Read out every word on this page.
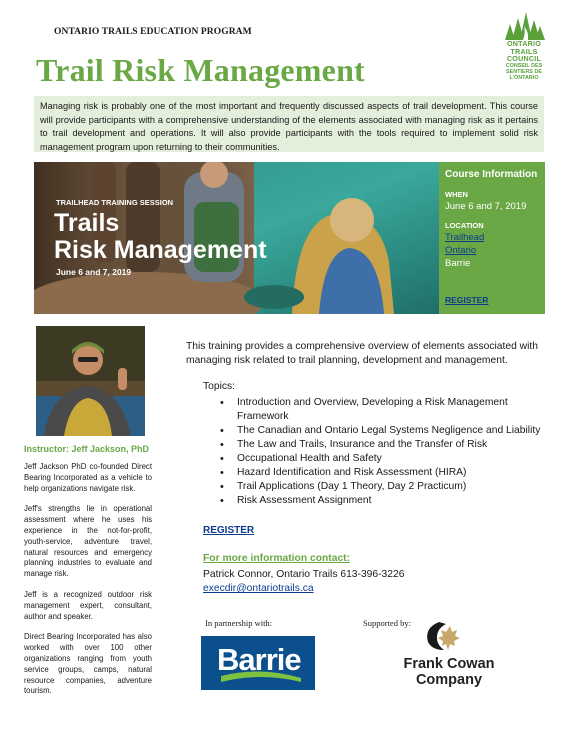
ONTARIO TRAILS EDUCATION PROGRAM
ONTARIO
TRAILS
COUNCIL
CONSEIL DES
SENTIERS DE
L'ONTARIO
Trail Risk Management
Managing risk is probably one of the most important and frequently discussed aspects of trail development. This course will provide participants with a comprehensive understanding of the elements associated with managing risk as it pertains to trail development and operations. It will also provide participants with the tools required to implement solid risk management program upon returning to their communities.
TRAILHEAD TRAINING SESSION
Trails
Risk Management
June 6 and 7, 2019
Course Information
WHEN
June 6 and 7, 2019
LOCATION
Trailhead
Ontario
Barrie
REGISTER
Instructor: Jeff Jackson, PhD

Jeff Jackson PhD co-founded Direct Bearing Incorporated as a vehicle to help organizations navigate risk.

Jeff's strengths lie in operational assessment where he uses his experience in the not-for-profit, youth-service, adventure travel, natural resources and emergency planning industries to evaluate and manage risk.

Jeff is a recognized outdoor risk management expert, consultant, author and speaker.

Direct Bearing Incorporated has also worked with over 100 other organizations ranging from youth service groups, camps, natural resource companies, adventure tourism.

This training provides a comprehensive overview of elements associated with managing risk related to trail planning, development and management.
Topics:
• Introduction and Overview, Developing a Risk Management Framework
• The Canadian and Ontario Legal Systems Negligence and Liability
• The Law and Trails, Insurance and the Transfer of Risk
• Occupational Health and Safety
• Hazard Identification and Risk Assessment (HIRA)
• Trail Applications (Day 1 Theory, Day 2 Practicum)
• Risk Assessment Assignment
REGISTER
For more information contact:
Patrick Connor, Ontario Trails 613-396-3226
execdir@ontariotrails.ca
In partnership with:	Supported by:
Barrie	Frank Cowan
Company
